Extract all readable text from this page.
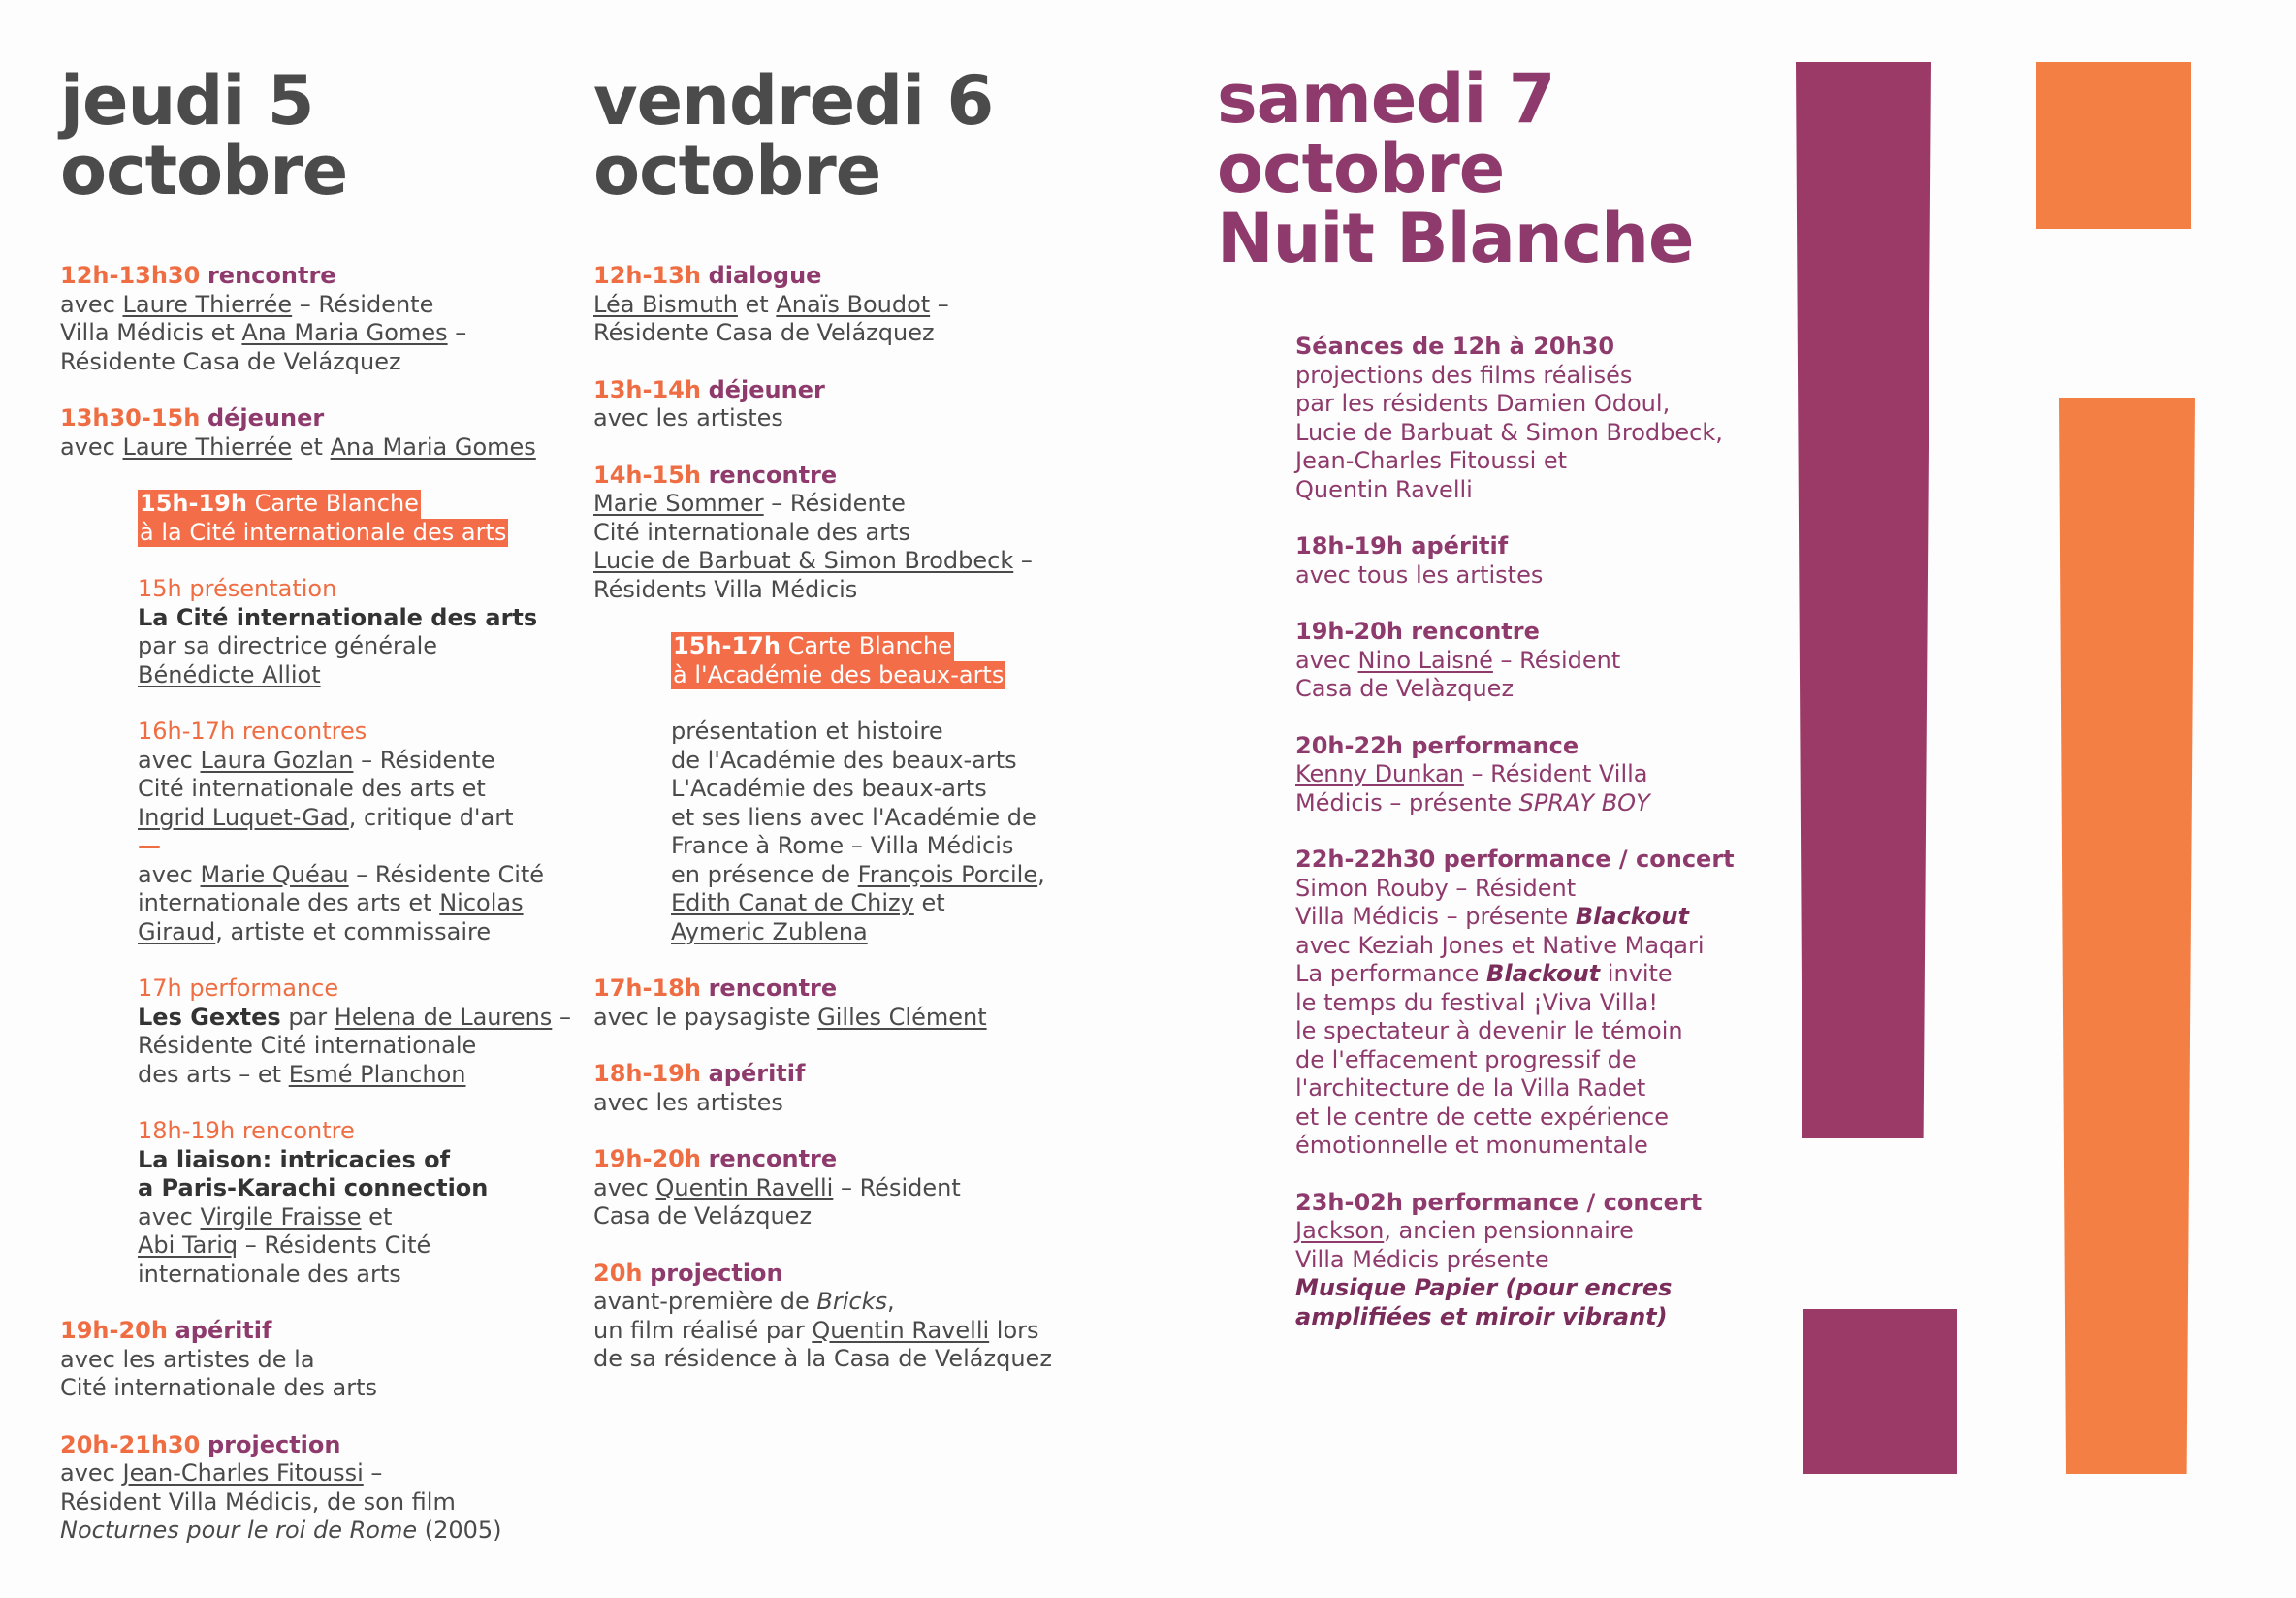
jeudi 5
octobre

12h-13h30 rencontre

avec Laure Thierrée – Résidente

Villa Médicis et Ana Maria Gomes –

Résidente Casa de Velázquez

13h30-15h déjeuner

avec Laure Thierrée et Ana Maria Gomes

15h-19h Carte Blanche

à la Cité internationale des arts

15h présentation

La Cité internationale des arts

par sa directrice générale

Bénédicte Alliot

16h-17h rencontres

avec Laura Gozlan – Résidente

Cité internationale des arts et

Ingrid Luquet-Gad, critique d'art

—

avec Marie Quéau – Résidente Cité

internationale des arts et Nicolas

Giraud, artiste et commissaire

17h performance

Les Gextes par Helena de Laurens –

Résidente Cité internationale

des arts – et Esmé Planchon

18h-19h rencontre

La liaison: intricacies of

a Paris-Karachi connection

avec Virgile Fraisse et

Abi Tariq – Résidents Cité

internationale des arts

19h-20h apéritif

avec les artistes de la

Cité internationale des arts

20h-21h30 projection

avec Jean-Charles Fitoussi –

Résident Villa Médicis, de son film

Nocturnes pour le roi de Rome (2005)

vendredi 6
octobre

12h-13h dialogue

Léa Bismuth et Anaïs Boudot –

Résidente Casa de Velázquez

13h-14h déjeuner

avec les artistes

14h-15h rencontre

Marie Sommer – Résidente

Cité internationale des arts

Lucie de Barbuat & Simon Brodbeck –

Résidents Villa Médicis

15h-17h Carte Blanche

à l'Académie des beaux-arts

présentation et histoire

de l'Académie des beaux-arts

L'Académie des beaux-arts

et ses liens avec l'Académie de

France à Rome – Villa Médicis

en présence de François Porcile,

Edith Canat de Chizy et

Aymeric Zublena

17h-18h rencontre

avec le paysagiste Gilles Clément

18h-19h apéritif

avec les artistes

19h-20h rencontre

avec Quentin Ravelli – Résident

Casa de Velázquez

20h projection

avant-première de Bricks,

un film réalisé par Quentin Ravelli lors

de sa résidence à la Casa de Velázquez

samedi 7
octobre
Nuit Blanche

Séances de 12h à 20h30

projections des films réalisés

par les résidents Damien Odoul,

Lucie de Barbuat & Simon Brodbeck,

Jean-Charles Fitoussi et

Quentin Ravelli

18h-19h apéritif

avec tous les artistes

19h-20h rencontre

avec Nino Laisné – Résident

Casa de Velàzquez

20h-22h performance

Kenny Dunkan – Résident Villa

Médicis – présente SPRAY BOY

22h-22h30 performance / concert

Simon Rouby – Résident

Villa Médicis – présente Blackout

avec Keziah Jones et Native Maqari

La performance Blackout invite

le temps du festival ¡Viva Villa!

le spectateur à devenir le témoin

de l'effacement progressif de

l'architecture de la Villa Radet

et le centre de cette expérience

émotionnelle et monumentale

23h-02h performance / concert

Jackson, ancien pensionnaire

Villa Médicis présente

Musique Papier (pour encres

amplifiées et miroir vibrant)
